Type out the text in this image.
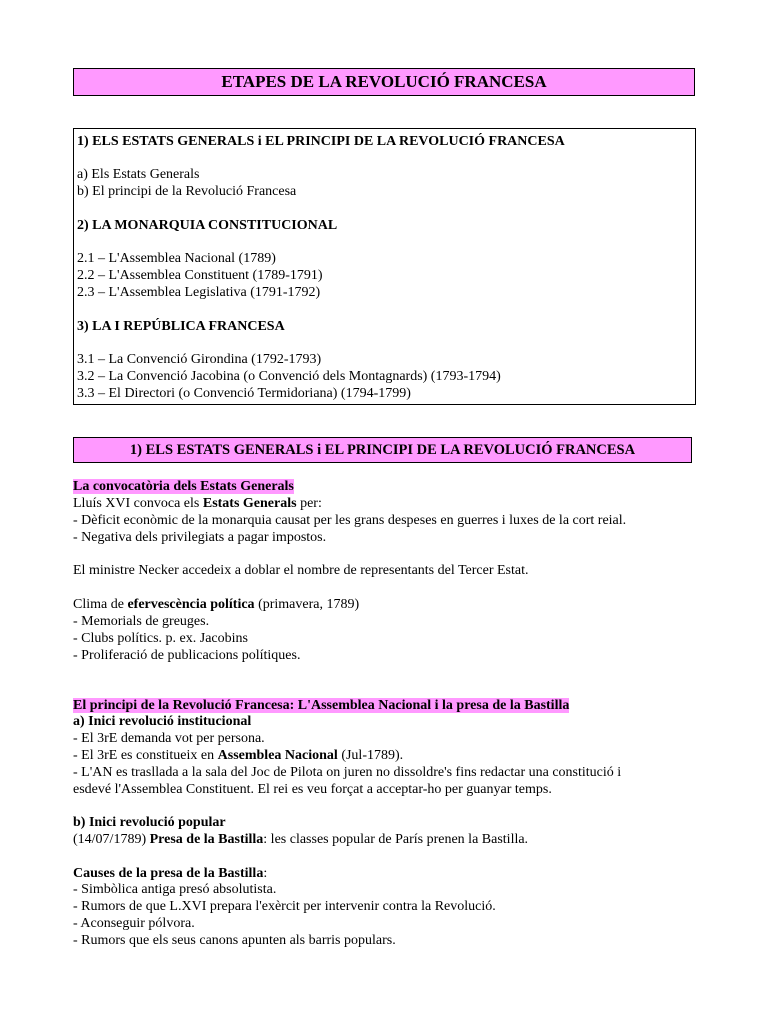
ETAPES DE LA REVOLUCIÓ FRANCESA
1) ELS ESTATS GENERALS i EL PRINCIPI DE LA REVOLUCIÓ FRANCESA
a) Els Estats Generals
b) El principi de la Revolució Francesa
2) LA MONARQUIA CONSTITUCIONAL
2.1 – L'Assemblea Nacional (1789)
2.2 – L'Assemblea Constituent (1789-1791)
2.3 – L'Assemblea Legislativa (1791-1792)
3) LA I REPÚBLICA FRANCESA
3.1 – La Convenció Girondina (1792-1793)
3.2 – La Convenció Jacobina (o Convenció dels Montagnards) (1793-1794)
3.3 – El Directori (o Convenció Termidoriana) (1794-1799)
1) ELS ESTATS GENERALS i EL PRINCIPI DE LA REVOLUCIÓ FRANCESA
La convocatòria dels Estats Generals
Lluís XVI convoca els Estats Generals per:
- Dèficit econòmic de la monarquia causat per les grans despeses en guerres i luxes de la cort reial.
- Negativa dels privilegiats a pagar impostos.
El ministre Necker accedeix a doblar el nombre de representants del Tercer Estat.
Clima de efervescència política (primavera, 1789)
- Memorials de greuges.
- Clubs polítics. p. ex. Jacobins
- Proliferació de publicacions polítiques.
El principi de la Revolució Francesa: L'Assemblea Nacional i la presa de la Bastilla
a) Inici revolució institucional
- El 3rE demanda vot per persona.
- El 3rE es constitueix en Assemblea Nacional (Jul-1789).
- L'AN es trasllada a la sala del Joc de Pilota on juren no dissoldre's fins redactar una constitució i
esdevé l'Assemblea Constituent. El rei es veu forçat a acceptar-ho per guanyar temps.
b) Inici revolució popular
(14/07/1789) Presa de la Bastilla: les classes popular de París prenen la Bastilla.
Causes de la presa de la Bastilla:
- Simbòlica antiga presó absolutista.
- Rumors de que L.XVI prepara l'exèrcit per intervenir contra la Revolució.
- Aconseguir pólvora.
- Rumors que els seus canons apunten als barris populars.
